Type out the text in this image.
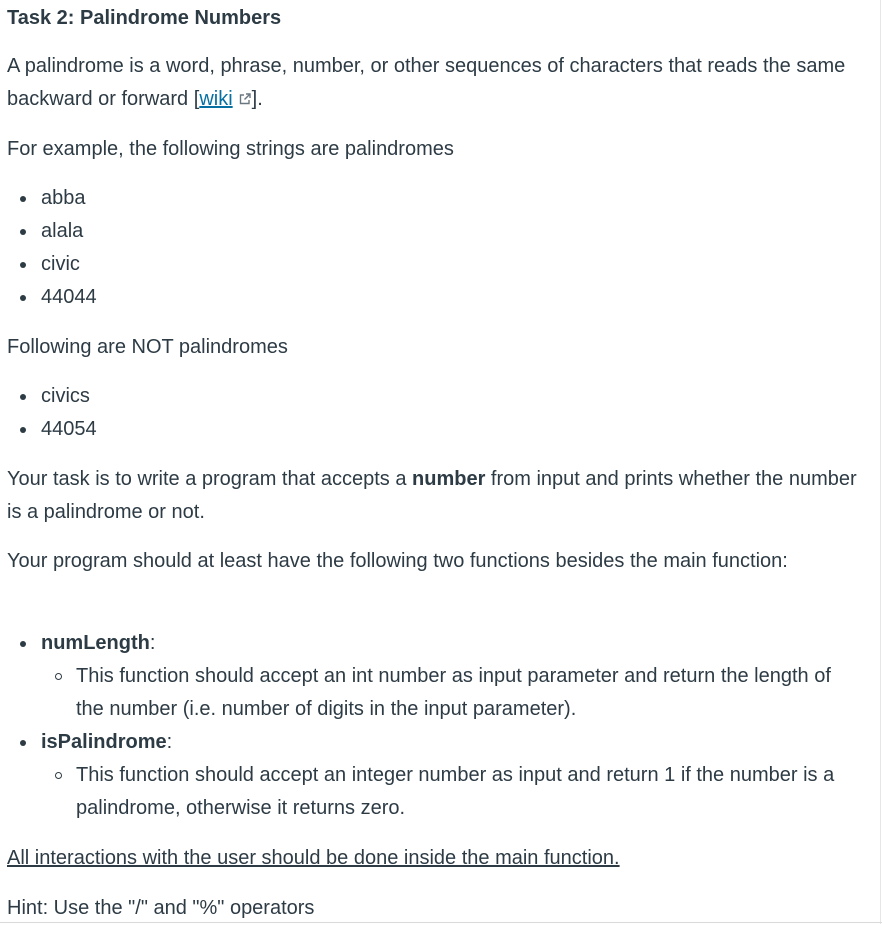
Task 2: Palindrome Numbers

A palindrome is a word, phrase, number, or other sequences of characters that reads the same backward or forward [wiki ].

For example, the following strings are palindromes

abba
alala
civic
44044

Following are NOT palindromes

civics
44054

Your task is to write a program that accepts a number from input and prints whether the number is a palindrome or not.

Your program should at least have the following two functions besides the main function:

numLength:
This function should accept an int number as input parameter and return the length of the number (i.e. number of digits in the input parameter).
isPalindrome:
This function should accept an integer number as input and return 1 if the number is a palindrome, otherwise it returns zero.

All interactions with the user should be done inside the main function.

Hint: Use the "/" and "%" operators
